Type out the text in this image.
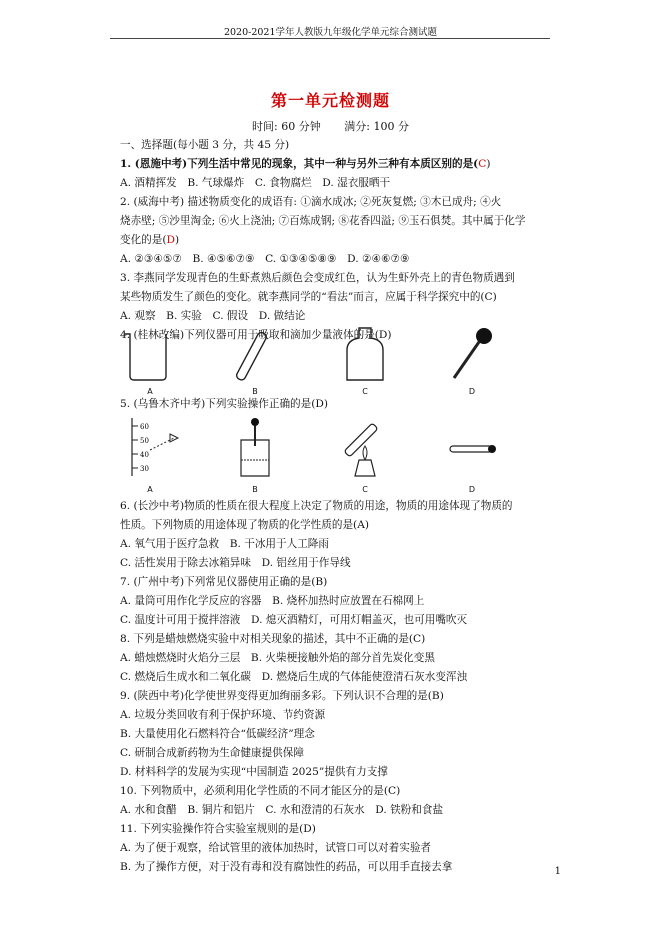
2020-2021学年人教版九年级化学单元综合测试题
第一单元检测题
时间: 60 分钟 满分: 100 分
一、选择题(每小题 3 分，共 45 分)
1. (恩施中考)下列生活中常见的现象，其中一种与另外三种有本质区别的是(C)
A. 酒精挥发　B. 气球爆炸　C. 食物腐烂　D. 湿衣服晒干
2. (威海中考) 描述物质变化的成语有: ①滴水成冰; ②死灰复燃; ③木已成舟; ④火
烧赤壁; ⑤沙里淘金; ⑥火上浇油; ⑦百炼成钢; ⑧花香四溢; ⑨玉石俱焚。其中属于化学
变化的是(D)
A. ②③④⑤⑦　B. ④⑤⑥⑦⑨　C. ①③④⑤⑧⑨　D. ②④⑥⑦⑨
3. 李燕同学发现青色的生虾煮熟后颜色会变成红色，认为生虾外壳上的青色物质遇到
某些物质发生了颜色的变化。就李燕同学的“看法”而言，应属于科学探究中的(C)
A. 观察　B. 实验　C. 假设　D. 做结论
4. (桂林改编)下列仪器可用于吸取和滴加少量液体的是(D)
A	B	C	D
5. (乌鲁木齐中考)下列实验操作正确的是(D)
60
50
40
30
A	B	C	D
6. (长沙中考)物质的性质在很大程度上决定了物质的用途，物质的用途体现了物质的
性质。下列物质的用途体现了物质的化学性质的是(A)
A. 氧气用于医疗急救　B. 干冰用于人工降雨
C. 活性炭用于除去冰箱异味　D. 铝丝用于作导线
7. (广州中考)下列常见仪器使用正确的是(B)
A. 量筒可用作化学反应的容器　B. 烧杯加热时应放置在石棉网上
C. 温度计可用于搅拌溶液　D. 熄灭酒精灯，可用灯帽盖灭，也可用嘴吹灭
8. 下列是蜡烛燃烧实验中对相关现象的描述，其中不正确的是(C)
A. 蜡烛燃烧时火焰分三层　B. 火柴梗接触外焰的部分首先炭化变黑
C. 燃烧后生成水和二氧化碳　D. 燃烧后生成的气体能使澄清石灰水变浑浊
9. (陕西中考)化学使世界变得更加绚丽多彩。下列认识不合理的是(B)
A. 垃圾分类回收有利于保护环境、节约资源
B. 大量使用化石燃料符合“低碳经济”理念
C. 研制合成新药物为生命健康提供保障
D. 材料科学的发展为实现“中国制造 2025”提供有力支撑
10. 下列物质中，必须利用化学性质的不同才能区分的是(C)
A. 水和食醋　B. 铜片和铝片　C. 水和澄清的石灰水　D. 铁粉和食盐
11. 下列实验操作符合实验室规则的是(D)
A. 为了便于观察，给试管里的液体加热时，试管口可以对着实验者
B. 为了操作方便，对于没有毒和没有腐蚀性的药品，可以用手直接去拿	1
